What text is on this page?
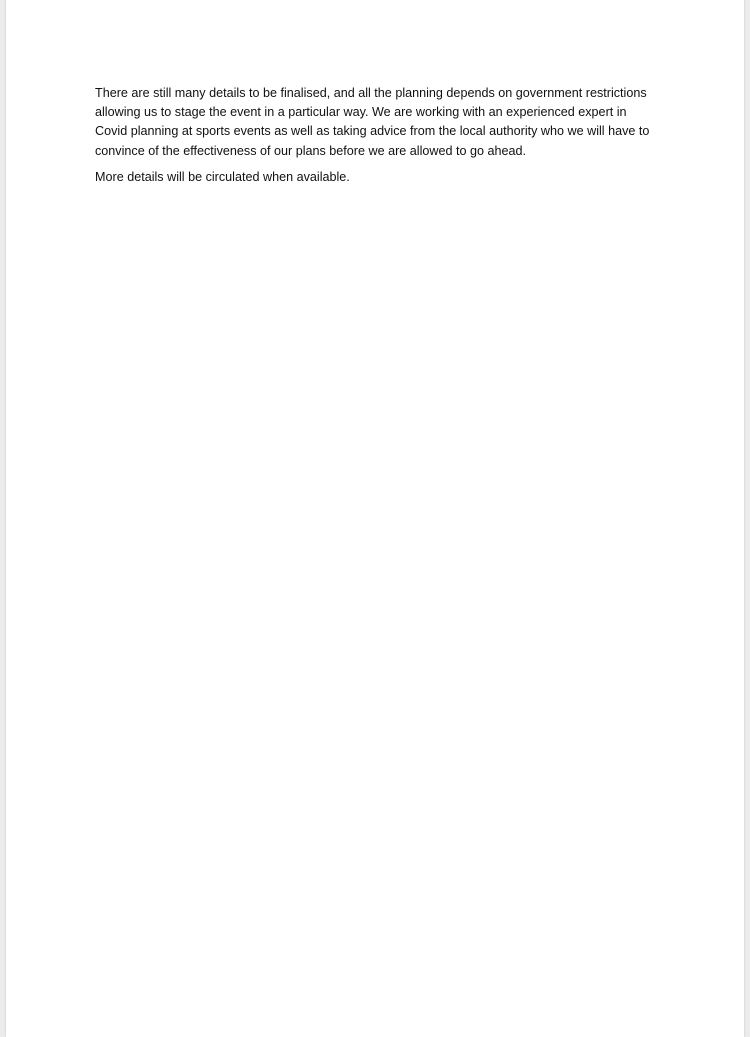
There are still many details to be finalised, and all the planning depends on government restrictions allowing us to stage the event in a particular way. We are working with an experienced expert in Covid planning at sports events as well as taking advice from the local authority who we will have to convince of the effectiveness of our plans before we are allowed to go ahead.

More details will be circulated when available.
